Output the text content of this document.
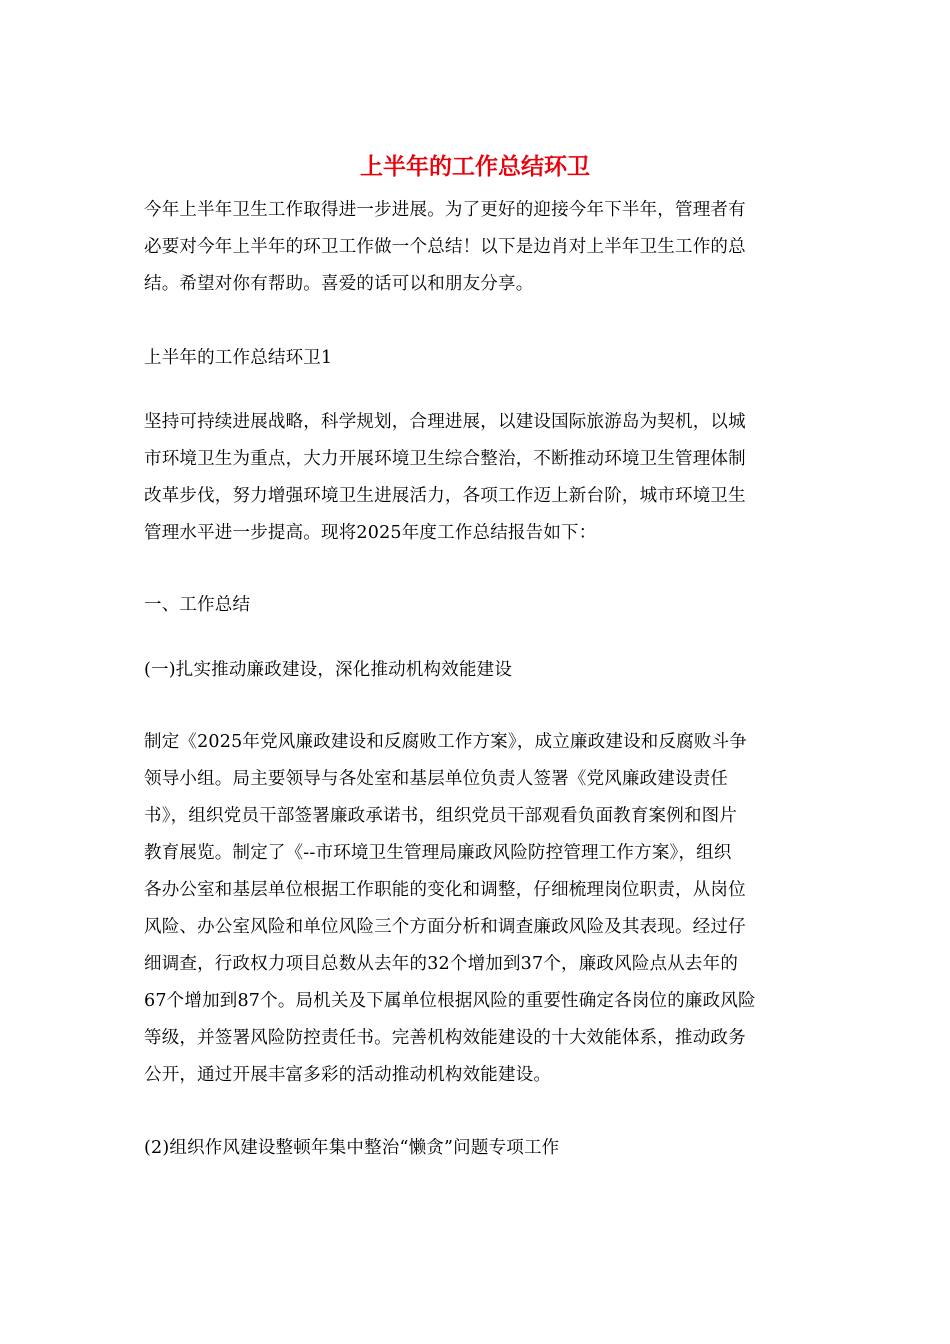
上半年的工作总结环卫

今年上半年卫生工作取得进一步进展。为了更好的迎接今年下半年，管理者有
必要对今年上半年的环卫工作做一个总结！以下是边肖对上半年卫生工作的总
结。希望对你有帮助。喜爱的话可以和朋友分享。

上半年的工作总结环卫1

坚持可持续进展战略，科学规划，合理进展，以建设国际旅游岛为契机，以城
市环境卫生为重点，大力开展环境卫生综合整治，不断推动环境卫生管理体制
改革步伐，努力增强环境卫生进展活力，各项工作迈上新台阶，城市环境卫生
管理水平进一步提高。现将2025年度工作总结报告如下：

一、工作总结

(一)扎实推动廉政建设，深化推动机构效能建设

制定《2025年党风廉政建设和反腐败工作方案》，成立廉政建设和反腐败斗争
领导小组。局主要领导与各处室和基层单位负责人签署《党风廉政建设责任
书》，组织党员干部签署廉政承诺书，组织党员干部观看负面教育案例和图片
教育展览。制定了《--市环境卫生管理局廉政风险防控管理工作方案》，组织
各办公室和基层单位根据工作职能的变化和调整，仔细梳理岗位职责，从岗位
风险、办公室风险和单位风险三个方面分析和调查廉政风险及其表现。经过仔
细调查，行政权力项目总数从去年的32个增加到37个，廉政风险点从去年的
67个增加到87个。局机关及下属单位根据风险的重要性确定各岗位的廉政风险
等级，并签署风险防控责任书。完善机构效能建设的十大效能体系，推动政务
公开，通过开展丰富多彩的活动推动机构效能建设。

(2)组织作风建设整顿年集中整治“懒贪”问题专项工作
